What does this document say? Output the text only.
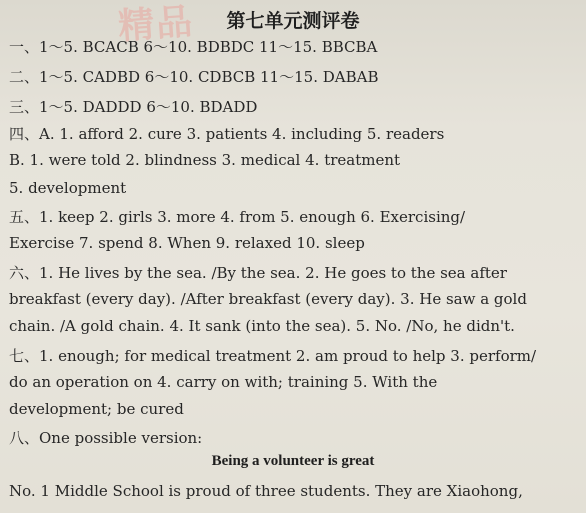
精品	第七单元测评卷
一、1～5. BCACB 6～10. BDBDC 11～15. BBCBA
二、1～5. CADBD 6～10. CDBCB 11～15. DABAB
三、1～5. DADDD 6～10. BDADD
四、A. 1. afford 2. cure 3. patients 4. including 5. readers
B. 1. were told 2. blindness 3. medical 4. treatment
5. development
五、1. keep 2. girls 3. more 4. from 5. enough 6. Exercising/
Exercise 7. spend 8. When 9. relaxed 10. sleep
六、1. He lives by the sea. /By the sea. 2. He goes to the sea after
breakfast (every day). /After breakfast (every day). 3. He saw a gold
chain. /A gold chain. 4. It sank (into the sea). 5. No. /No, he didn't.
七、1. enough; for medical treatment 2. am proud to help 3. perform/
do an operation on 4. carry on with; training 5. With the
development; be cured
八、One possible version:
Being a volunteer is great
No. 1 Middle School is proud of three students. They are Xiaohong,
